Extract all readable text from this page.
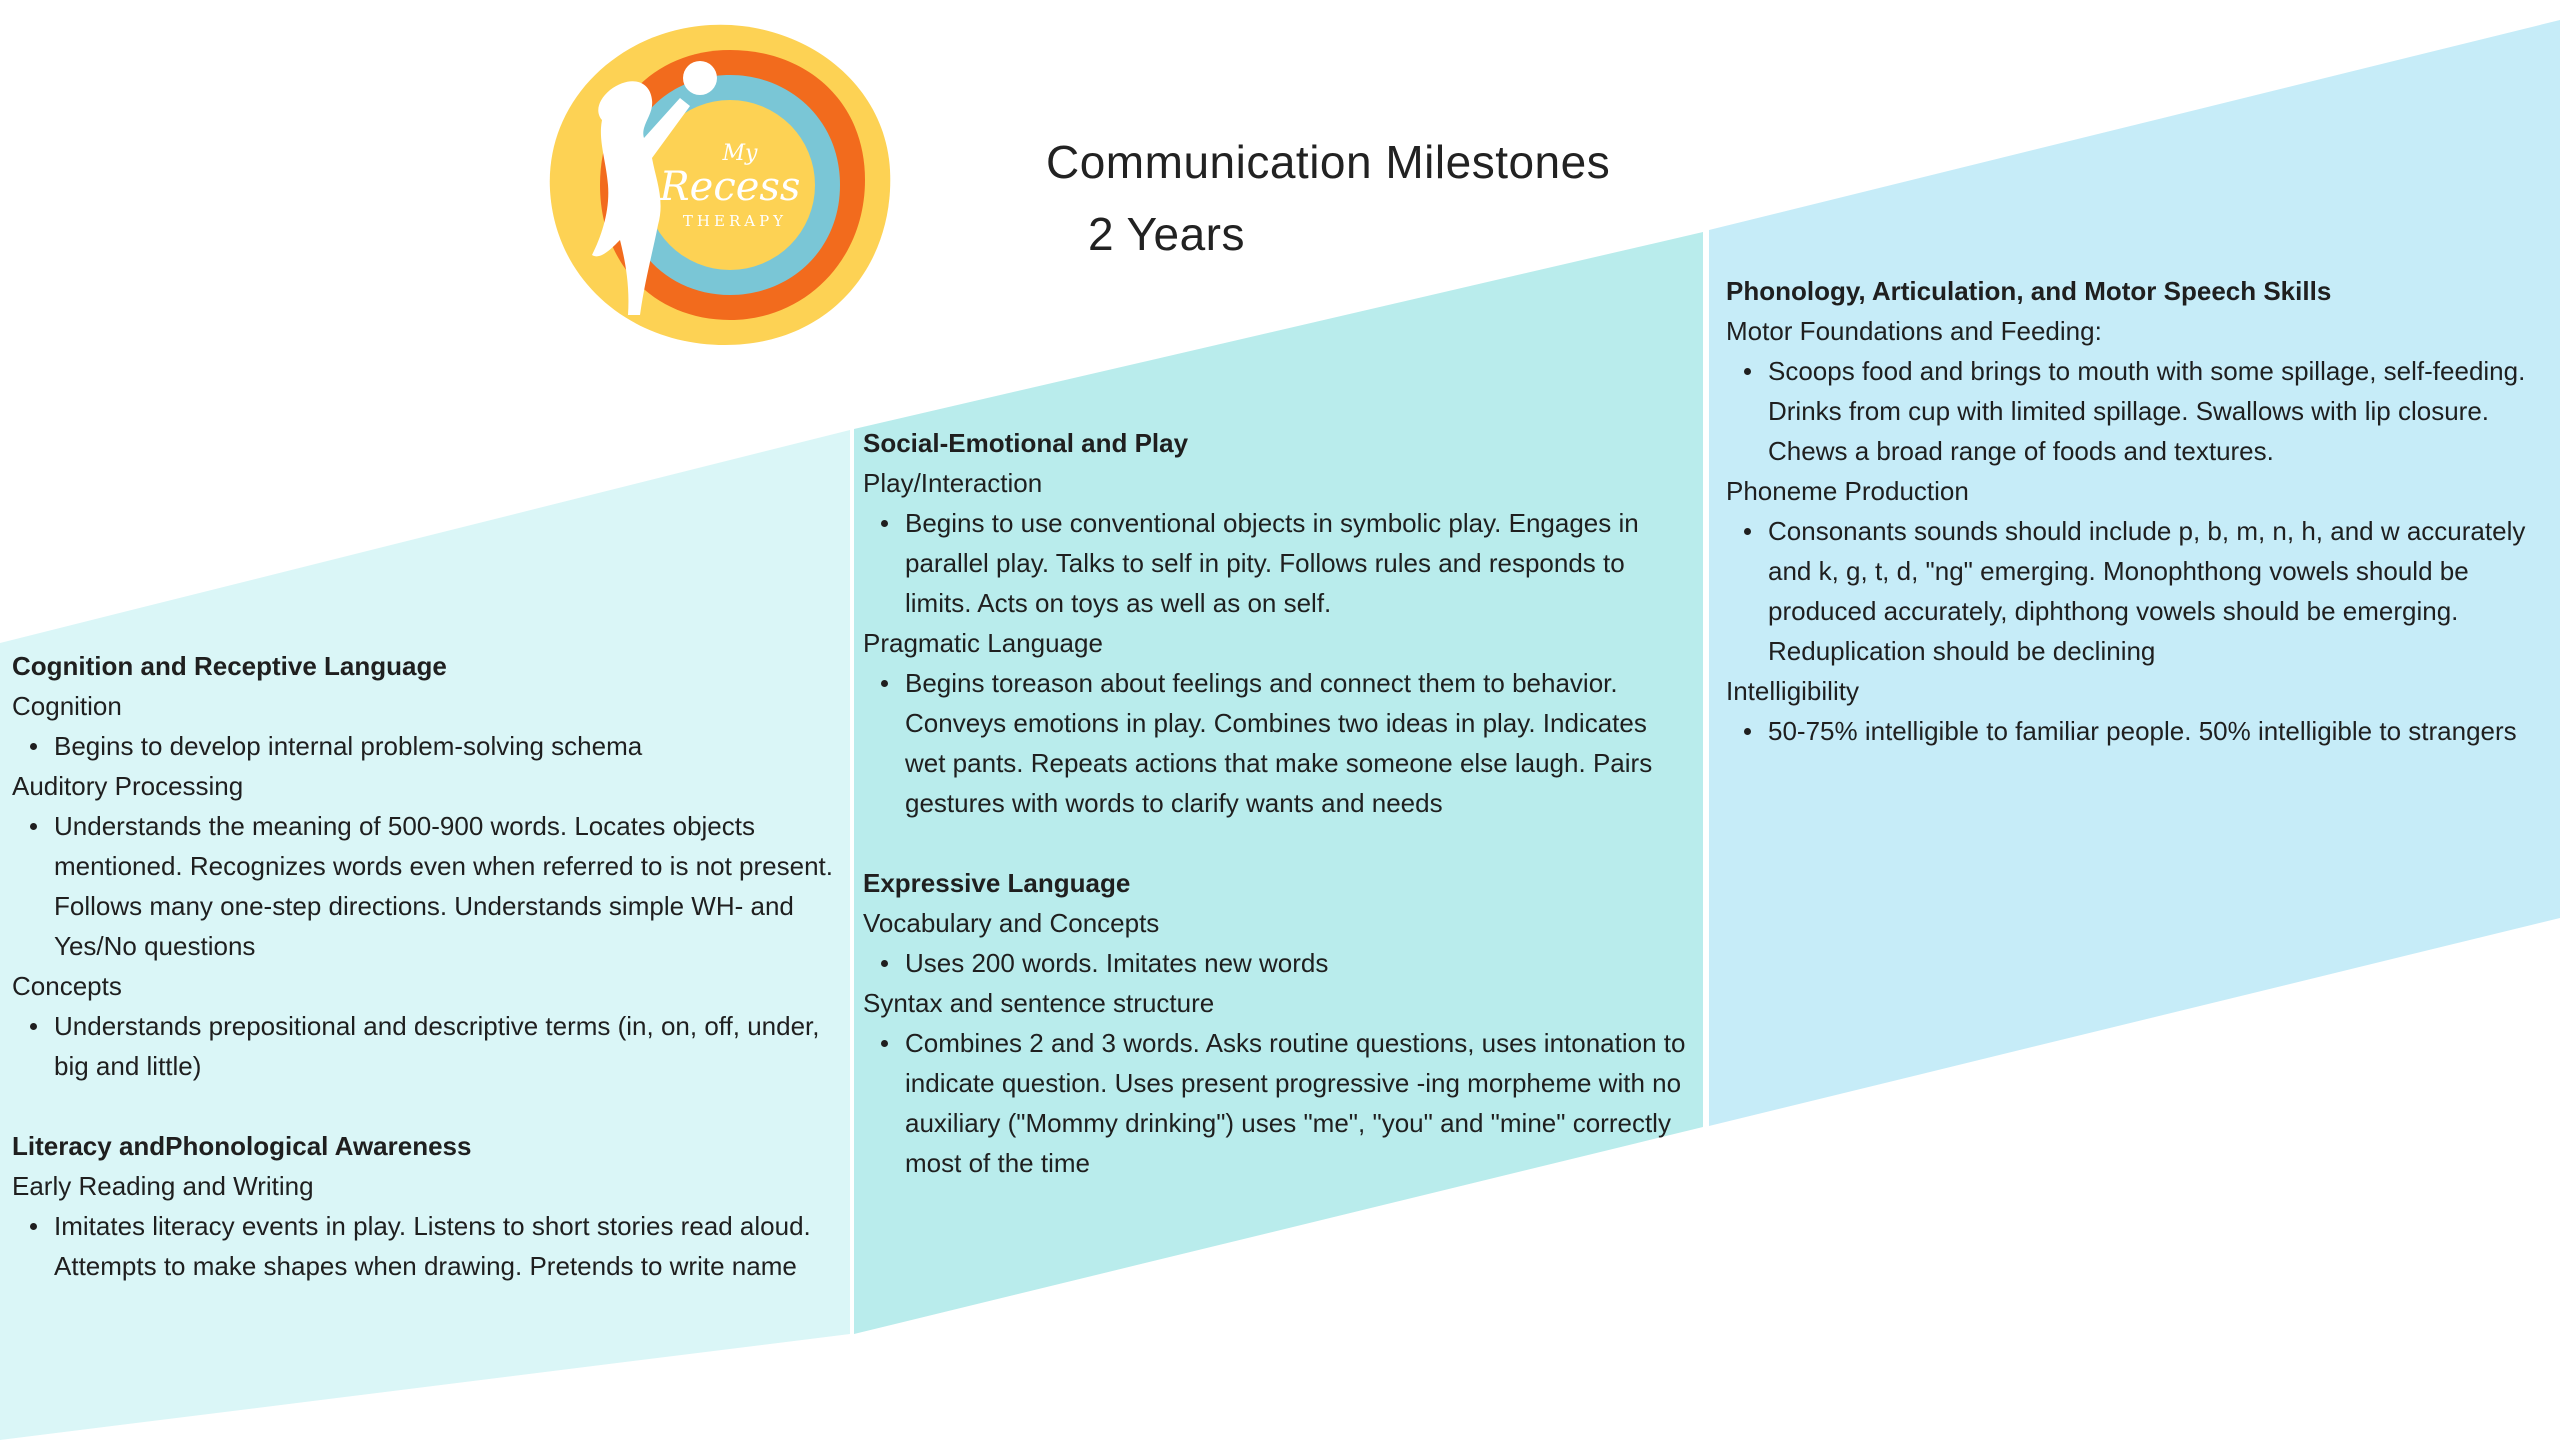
My
Recess
THERAPY
Communication Milestones
2 Years
Cognition and Receptive Language

Cognition

Begins to develop internal problem-solving schema

Auditory Processing

Understands the meaning of 500-900 words. Locates objects mentioned. Recognizes words even when referred to is not present. Follows many one-step directions. Understands simple WH- and Yes/No questions

Concepts

Understands prepositional and descriptive terms (in, on, off, under, big and little)
Literacy andPhonological Awareness

Early Reading and Writing

Imitates literacy events in play. Listens to short stories read aloud. Attempts to make shapes when drawing. Pretends to write name
Social-Emotional and Play

Play/Interaction

Begins to use conventional objects in symbolic play. Engages in parallel play. Talks to self in pity. Follows rules and responds to limits. Acts on toys as well as on self.

Pragmatic Language

Begins toreason about feelings and connect them to behavior. Conveys emotions in play. Combines two ideas in play. Indicates wet pants. Repeats actions that make someone else laugh. Pairs gestures with words to clarify wants and needs
Expressive Language

Vocabulary and Concepts

Uses 200 words. Imitates new words

Syntax and sentence structure

Combines 2 and 3 words. Asks routine questions, uses intonation to indicate question. Uses present progressive -ing morpheme with no auxiliary ("Mommy drinking") uses "me", "you" and "mine" correctly most of the time
Phonology, Articulation, and Motor Speech Skills

Motor Foundations and Feeding:

Scoops food and brings to mouth with some spillage, self-feeding. Drinks from cup with limited spillage. Swallows with lip closure. Chews a broad range of foods and textures.

Phoneme Production

Consonants sounds should include p, b, m, n, h, and w accurately and k, g, t, d, "ng" emerging. Monophthong vowels should be produced accurately, diphthong vowels should be emerging. Reduplication should be declining

Intelligibility

50-75% intelligible to familiar people. 50% intelligible to strangers
